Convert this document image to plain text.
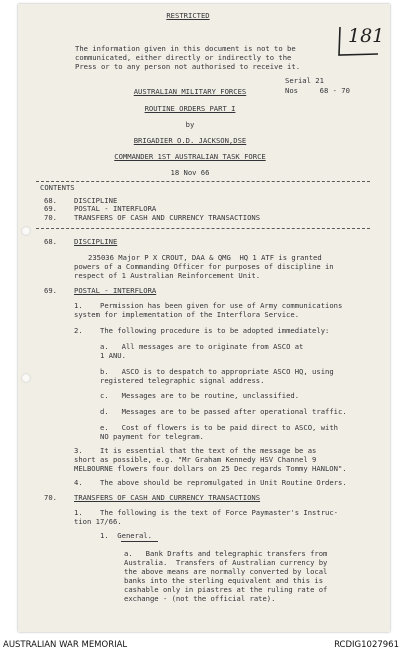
RESTRICTED
The information given in this document is not to be
communicated, either directly or indirectly to the
Press or to any person not authorised to receive it.
181
Serial 21
Nos     68 - 70
AUSTRALIAN MILITARY FORCES
ROUTINE ORDERS PART I
by
BRIGADIER O.D. JACKSON,DSE
COMMANDER 1ST AUSTRALIAN TASK FORCE
18 Nov 66
CONTENTS
68. DISCIPLINE
69. POSTAL - INTERFLORA
70. TRANSFERS OF CASH AND CURRENCY TRANSACTIONS
68. DISCIPLINE
235036 Major P X CROUT, DAA & QMG  HQ 1 ATF is granted
powers of a Commanding Officer for purposes of discipline in
respect of 1 Australian Reinforcement Unit.
69. POSTAL - INTERFLORA
1. Permission has been given for use of Army communications
system for implementation of the Interflora Service.
2. The following procedure is to be adopted immediately:
a.   All messages are to originate from ASCO at
1 ANU.
b.   ASCO is to despatch to appropriate ASCO HQ, using
registered telegraphic signal address.
c.   Messages are to be routine, unclassified.
d.   Messages are to be passed after operational traffic.
e.   Cost of flowers is to be paid direct to ASCO, with
NO payment for telegram.
3. It is essential that the text of the message be as
short as possible, e.g. "Mr Graham Kennedy HSV Channel 9
MELBOURNE flowers four dollars on 25 Dec regards Tommy HANLON".
4. The above should be repromulgated in Unit Routine Orders.
70. TRANSFERS OF CASH AND CURRENCY TRANSACTIONS
1. The following is the text of Force Paymaster's Instruc-
tion 17/66.
1.  General.
a.   Bank Drafts and telegraphic transfers from
Australia.  Transfers of Australian currency by
the above means are normally converted by local
banks into the sterling equivalent and this is
cashable only in piastres at the ruling rate of
exchange - (not the official rate).
AUSTRALIAN WAR MEMORIAL	RCDIG1027961
